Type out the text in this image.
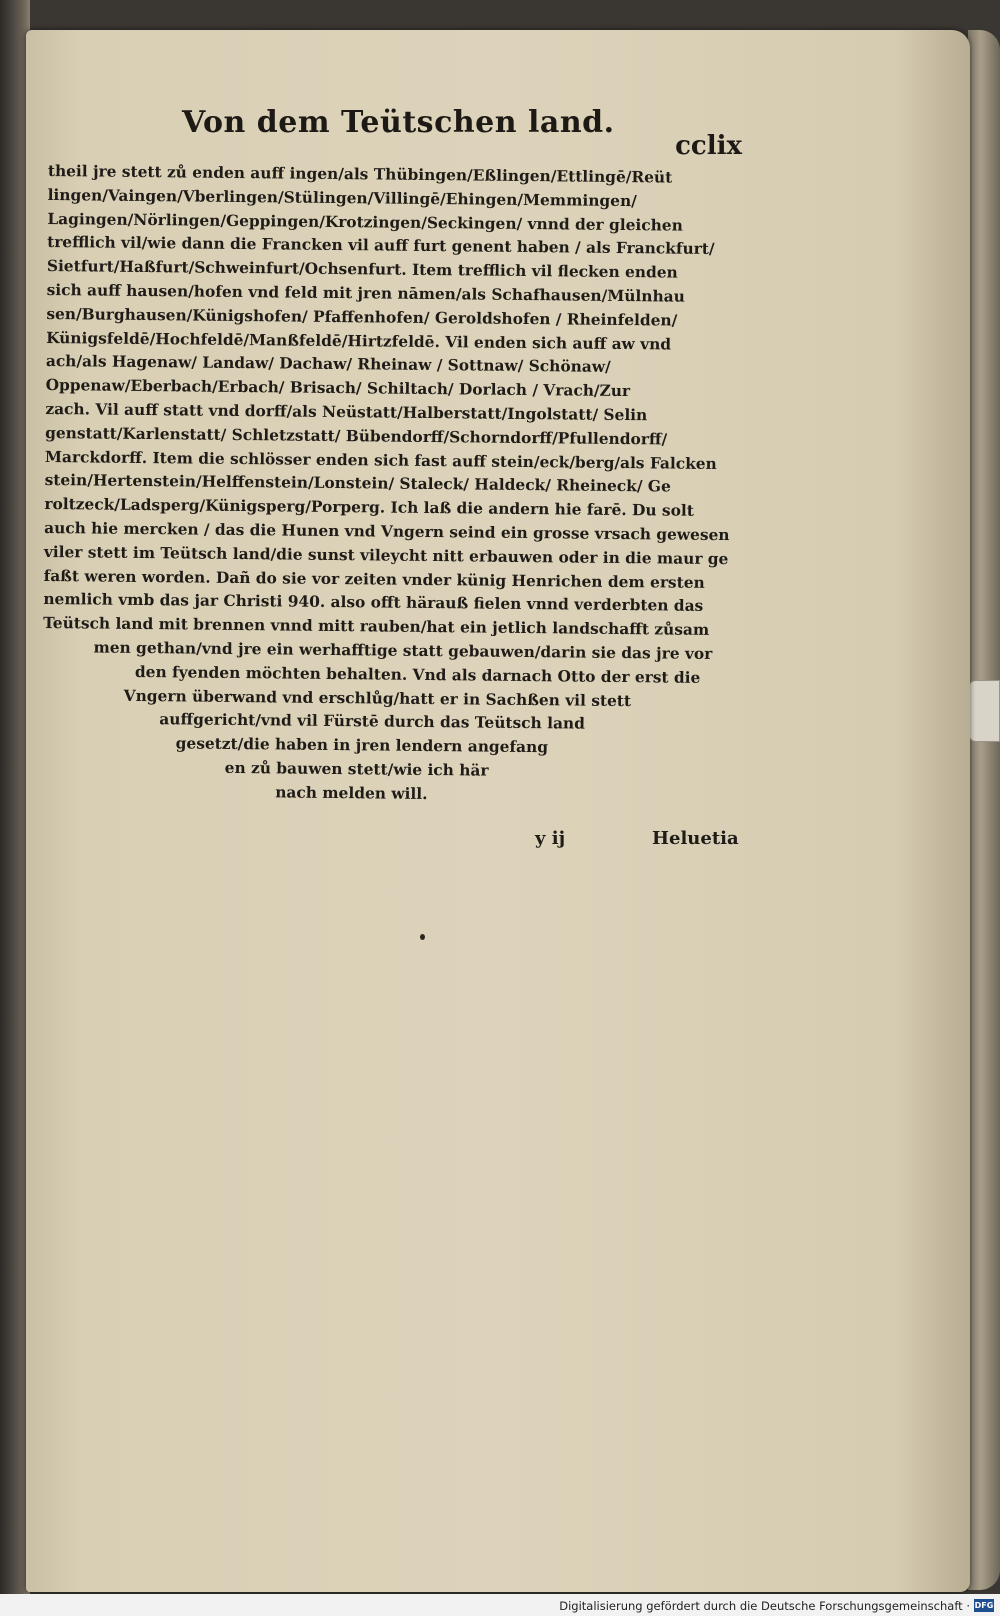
Von dem Teütschen land.
cclix
theil jre stett zů enden auff ingen/als Thübingen/Eßlingen/Ettlingē/Reüt
lingen/Vaingen/Vberlingen/Stülingen/Villingē/Ehingen/Memmingen/
Lagingen/Nörlingen/Geppingen/Krotzingen/Seckingen/ vnnd der gleichen
trefflich vil/wie dann die Francken vil auff furt genent haben / als Franckfurt/
Sietfurt/Haßfurt/Schweinfurt/Ochsenfurt. Item trefflich vil flecken enden
sich auff hausen/hofen vnd feld mit jren nāmen/als Schafhausen/Mülnhau
sen/Burghausen/Künigshofen/ Pfaffenhofen/ Geroldshofen / Rheinfelden/
Künigsfeldē/Hochfeldē/Manßfeldē/Hirtzfeldē. Vil enden sich auff aw vnd
ach/als Hagenaw/ Landaw/ Dachaw/ Rheinaw / Sottnaw/ Schönaw/
Oppenaw/Eberbach/Erbach/ Brisach/ Schiltach/ Dorlach / Vrach/Zur
zach. Vil auff statt vnd dorff/als Neüstatt/Halberstatt/Ingolstatt/ Selin
genstatt/Karlenstatt/ Schletzstatt/ Bübendorff/Schorndorff/Pfullendorff/
Marckdorff. Item die schlösser enden sich fast auff stein/eck/berg/als Falcken
stein/Hertenstein/Helffenstein/Lonstein/ Staleck/ Haldeck/ Rheineck/ Ge
roltzeck/Ladsperg/Künigsperg/Porperg. Ich laß die andern hie farē. Du solt
auch hie mercken / das die Hunen vnd Vngern seind ein grosse vrsach gewesen
viler stett im Teütsch land/die sunst vileycht nitt erbauwen oder in die maur ge
faßt weren worden. Dañ do sie vor zeiten vnder künig Henrichen dem ersten
nemlich vmb das jar Christi 940. also offt härauß fielen vnnd verderbten das
Teütsch land mit brennen vnnd mitt rauben/hat ein jetlich landschafft zůsam
men gethan/vnd jre ein werhafftige statt gebauwen/darin sie das jre vor
den fyenden möchten behalten. Vnd als darnach Otto der erst die
Vngern überwand vnd erschlůg/hatt er in Sachßen vil stett
auffgericht/vnd vil Fürstē durch das Teütsch land
gesetzt/die haben in jren lendern angefang
en zů bauwen stett/wie ich här
nach melden will.
y ij	Heluetia
Digitalisierung gefördert durch die Deutsche Forschungsgemeinschaft · DFG
